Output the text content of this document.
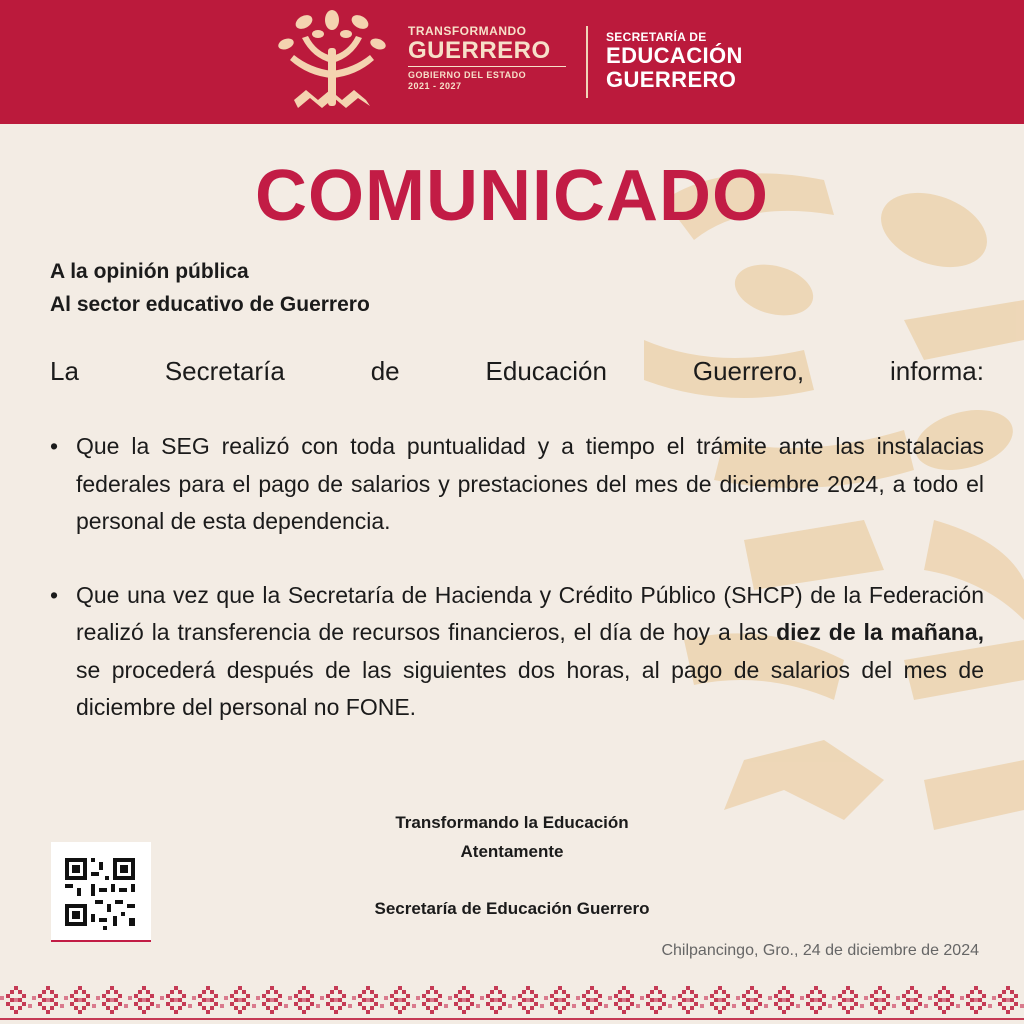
TRANSFORMANDO
GUERRERO
GOBIERNO DEL ESTADO
2021 - 2027
SECRETARÍA DE
EDUCACIÓN
GUERRERO
COMUNICADO
A la opinión pública
Al sector educativo de Guerrero
La	Secretaría	de	Educación	Guerrero,	informa:
• Que la SEG realizó con toda puntualidad y a tiempo el trámite ante las instalacias federales para el pago de salarios y prestaciones del mes de diciembre 2024, a todo el personal de esta dependencia.
• Que una vez que la Secretaría de Hacienda y Crédito Público (SHCP) de la Federación realizó la transferencia de recursos financieros, el día de hoy a las diez de la mañana, se procederá después de las siguientes dos horas, al pago de salarios del mes de diciembre del personal no FONE.
Transformando la Educación
Atentamente
Secretaría de Educación Guerrero
Chilpancingo, Gro., 24 de diciembre de 2024
